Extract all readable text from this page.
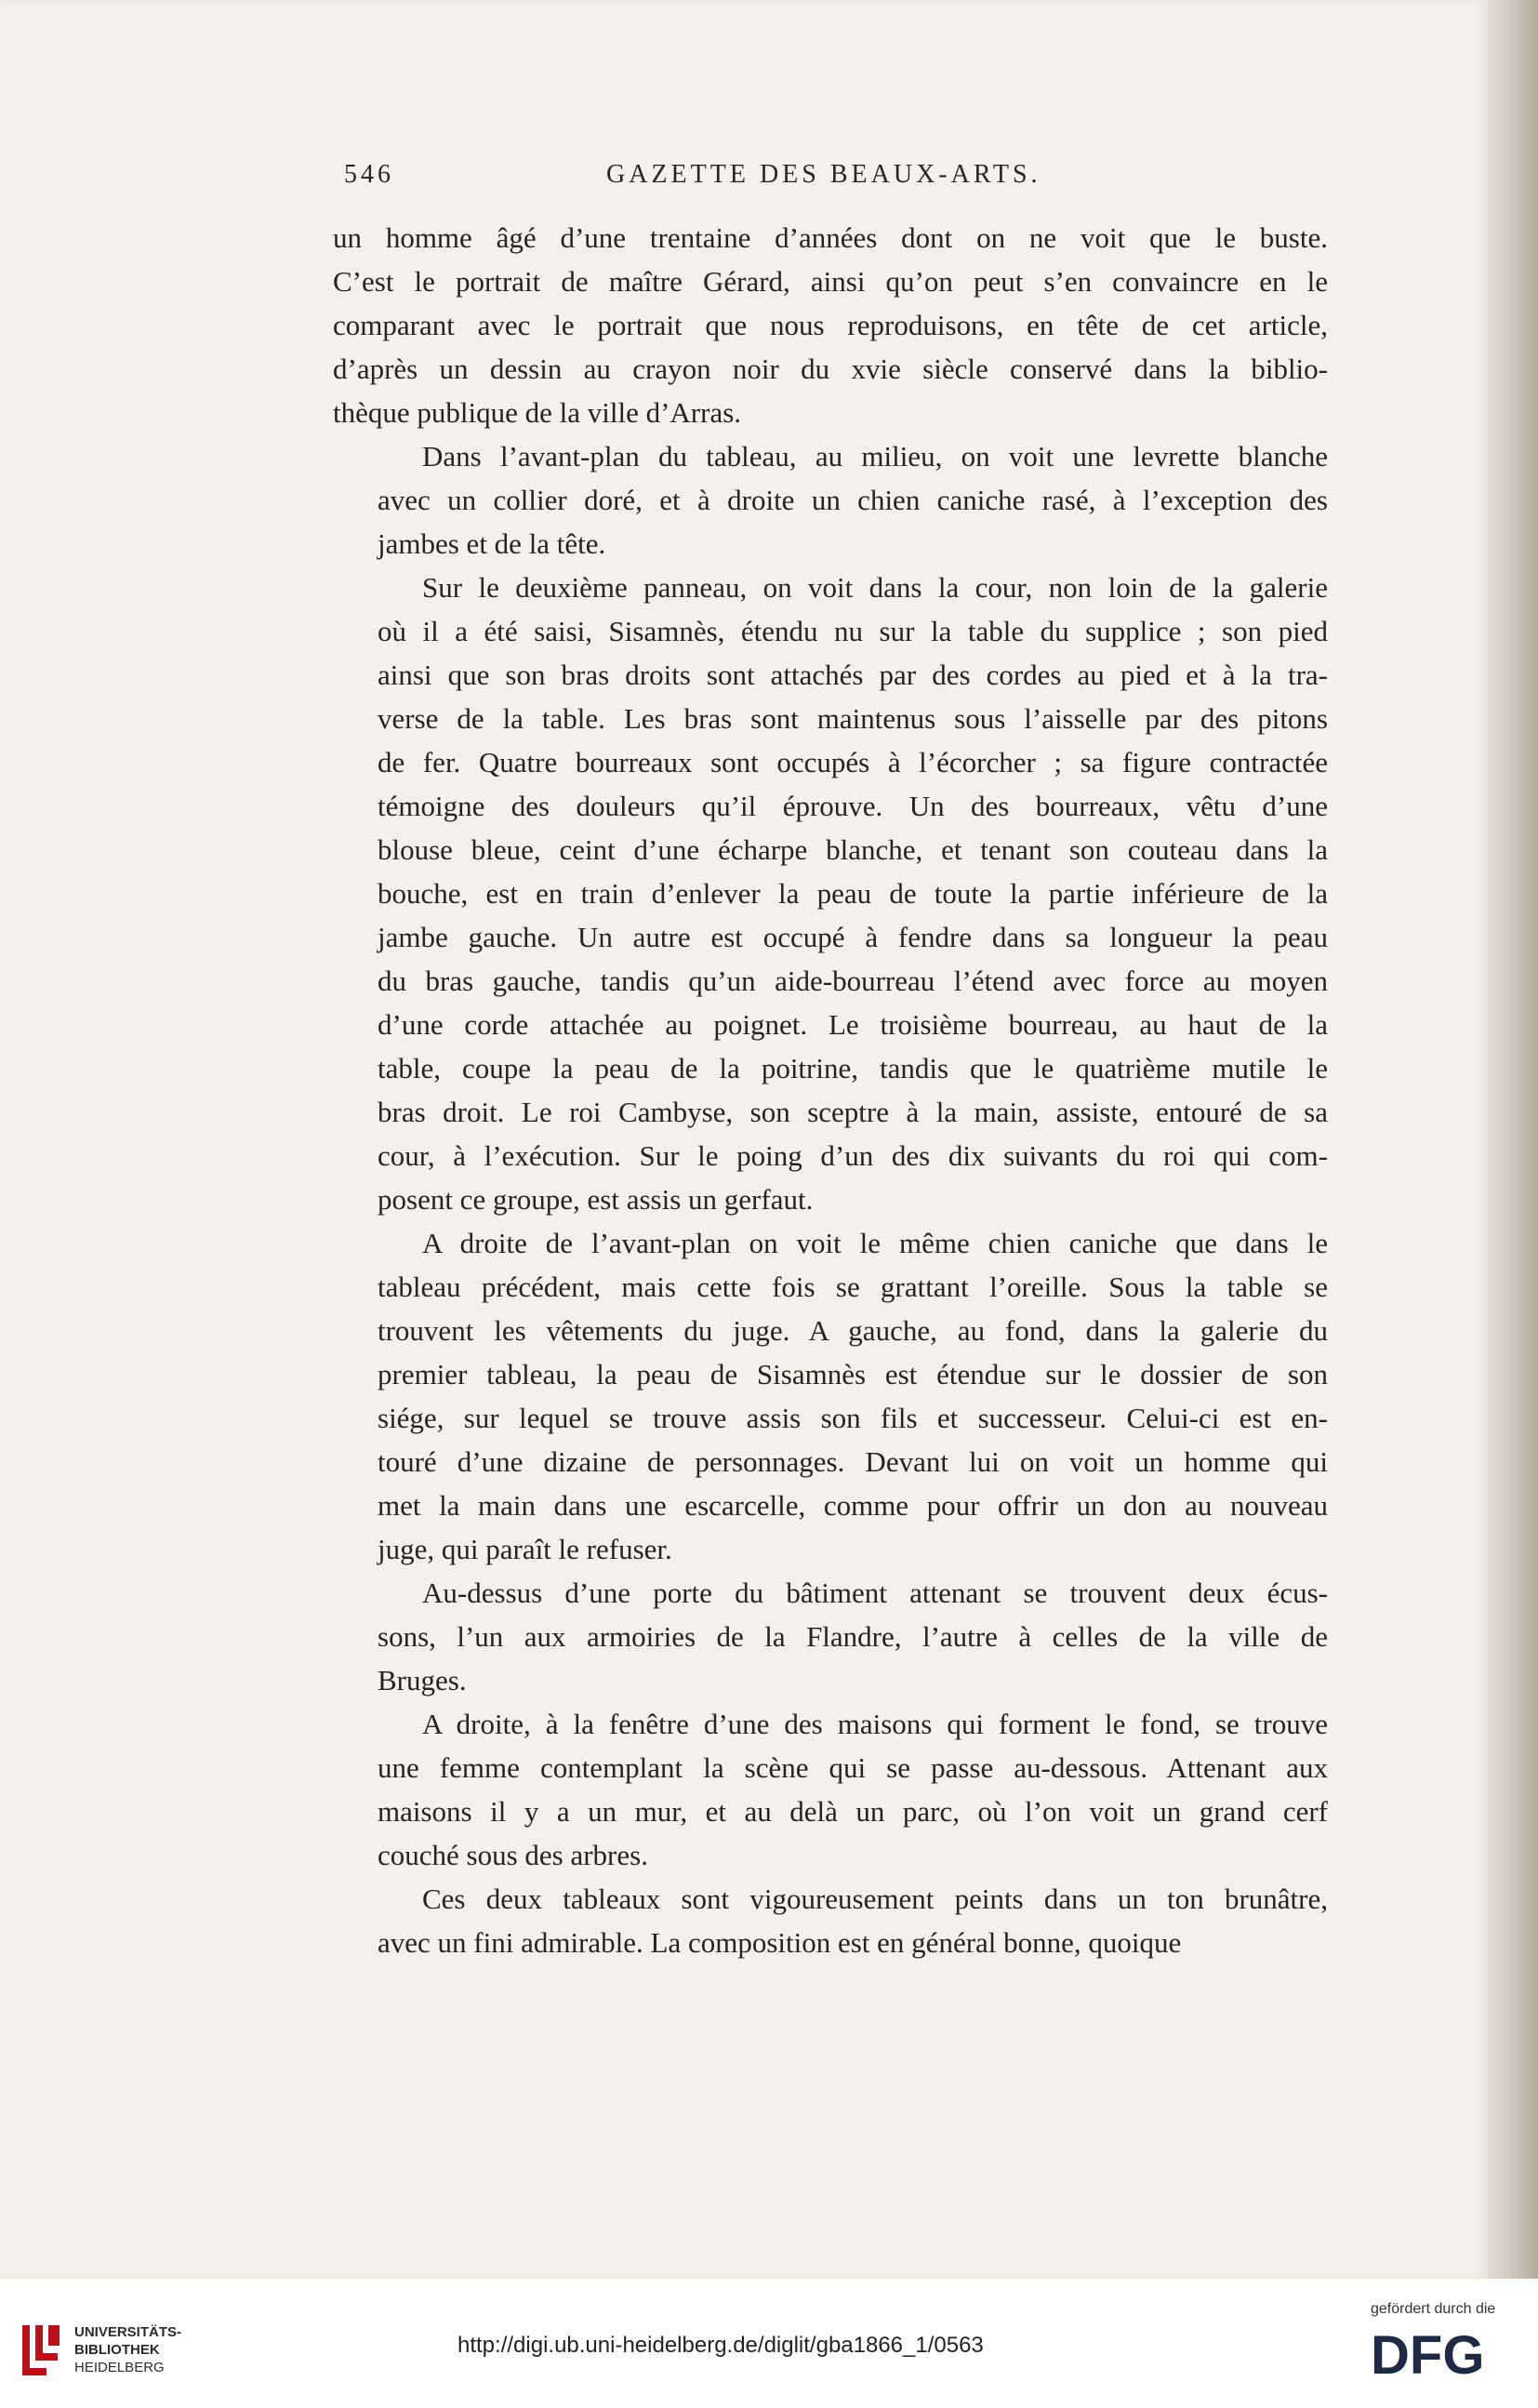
546	GAZETTE DES BEAUX-ARTS.
un homme âgé d’une trentaine d’années dont on ne voit que le buste.
C’est le portrait de maître Gérard, ainsi qu’on peut s’en convaincre en le
comparant avec le portrait que nous reproduisons, en tête de cet article,
d’après un dessin au crayon noir du xvie siècle conservé dans la biblio-
thèque publique de la ville d’Arras.
Dans l’avant-plan du tableau, au milieu, on voit une levrette blanche
avec un collier doré, et à droite un chien caniche rasé, à l’exception des
jambes et de la tête.
Sur le deuxième panneau, on voit dans la cour, non loin de la galerie
où il a été saisi, Sisamnès, étendu nu sur la table du supplice ; son pied
ainsi que son bras droits sont attachés par des cordes au pied et à la tra-
verse de la table. Les bras sont maintenus sous l’aisselle par des pitons
de fer. Quatre bourreaux sont occupés à l’écorcher ; sa figure contractée
témoigne des douleurs qu’il éprouve. Un des bourreaux, vêtu d’une
blouse bleue, ceint d’une écharpe blanche, et tenant son couteau dans la
bouche, est en train d’enlever la peau de toute la partie inférieure de la
jambe gauche. Un autre est occupé à fendre dans sa longueur la peau
du bras gauche, tandis qu’un aide-bourreau l’étend avec force au moyen
d’une corde attachée au poignet. Le troisième bourreau, au haut de la
table, coupe la peau de la poitrine, tandis que le quatrième mutile le
bras droit. Le roi Cambyse, son sceptre à la main, assiste, entouré de sa
cour, à l’exécution. Sur le poing d’un des dix suivants du roi qui com-
posent ce groupe, est assis un gerfaut.
A droite de l’avant-plan on voit le même chien caniche que dans le
tableau précédent, mais cette fois se grattant l’oreille. Sous la table se
trouvent les vêtements du juge. A gauche, au fond, dans la galerie du
premier tableau, la peau de Sisamnès est étendue sur le dossier de son
siége, sur lequel se trouve assis son fils et successeur. Celui-ci est en-
touré d’une dizaine de personnages. Devant lui on voit un homme qui
met la main dans une escarcelle, comme pour offrir un don au nouveau
juge, qui paraît le refuser.
Au-dessus d’une porte du bâtiment attenant se trouvent deux écus-
sons, l’un aux armoiries de la Flandre, l’autre à celles de la ville de
Bruges.
A droite, à la fenêtre d’une des maisons qui forment le fond, se trouve
une femme contemplant la scène qui se passe au-dessous. Attenant aux
maisons il y a un mur, et au delà un parc, où l’on voit un grand cerf
couché sous des arbres.
Ces deux tableaux sont vigoureusement peints dans un ton brunâtre,
avec un fini admirable. La composition est en général bonne, quoique
UNIVERSITÄTS-
BIBLIOTHEK
HEIDELBERG
http://digi.ub.uni-heidelberg.de/diglit/gba1866_1/0563
gefördert durch die
DFG
